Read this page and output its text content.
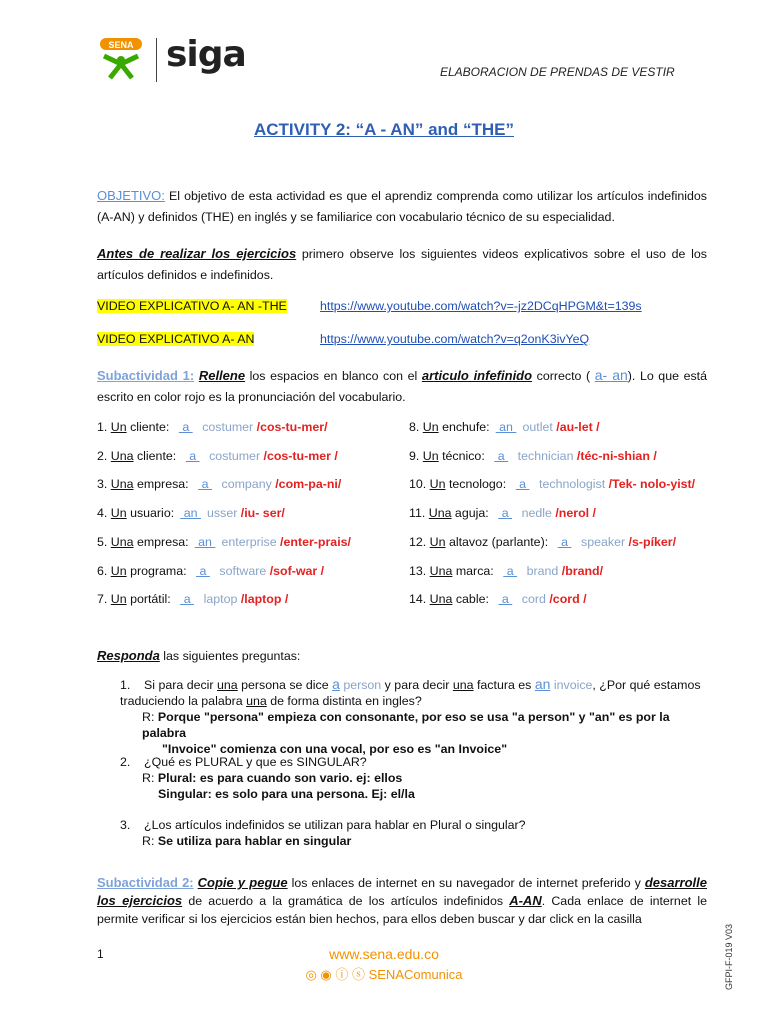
SENA siga	ELABORACION DE PRENDAS DE VESTIR
ACTIVITY 2: “A - AN” and “THE”
OBJETIVO: El objetivo de esta actividad es que el aprendiz comprenda como utilizar los artículos indefinidos (A-AN) y definidos (THE) en inglés y se familiarice con vocabulario técnico de su especialidad.
Antes de realizar los ejercicios primero observe los siguientes videos explicativos sobre el uso de los artículos definidos e indefinidos.
VIDEO EXPLICATIVO A- AN -THE	https://www.youtube.com/watch?v=-jz2DCqHPGM&t=139s
VIDEO EXPLICATIVO A- AN	https://www.youtube.com/watch?v=q2onK3ivYeQ
Subactividad 1: Rellene los espacios en blanco con el articulo infefinido correcto ( a- an). Lo que está escrito en color rojo es la pronunciación del vocabulario.
1. Un cliente:  a  costumer /cos-tu-mer/
2. Una cliente:  a  costumer /cos-tu-mer /
3. Una empresa:  a  company /com-pa-ni/
4. Un usuario:  an  usser /iu- ser/
5. Una empresa:  an  enterprise /enter-prais/
6. Un programa:  a  software /sof-war /
7. Un portátil:  a  laptop /laptop /
8. Un enchufe:  an  outlet /au-let /
9. Un técnico:  a  technician /téc-ni-shian /
10. Un tecnologo:  a  technologist /Tek- nolo-yist/
11. Una aguja:  a  nedle /nerol /
12. Un altavoz (parlante):  a  speaker /s-píker/
13. Una marca:  a  brand /brand/
14. Una cable:  a  cord /cord /
Responda las siguientes preguntas:
1. Si para decir una persona se dice a person y para decir una factura es an invoice, ¿Por qué estamos traduciendo la palabra una de forma distinta en ingles?
R: Porque "persona" empieza con consonante, por eso se usa "a person" y "an" es por la palabra
"Invoice" comienza con una vocal, por eso es "an Invoice"
2. ¿Qué es PLURAL y que es SINGULAR?
R: Plural: es para cuando son vario. ej: ellos
Singular: es solo para una persona. Ej: el/la
3. ¿Los artículos indefinidos se utilizan para hablar en Plural o singular?
R: Se utiliza para hablar en singular
Subactividad 2: Copie y pegue los enlaces de internet en su navegador de internet preferido y desarrolle los ejercicios de acuerdo a la gramática de los artículos indefinidos A-AN. Cada enlace de internet le permite verificar si los ejercicios están bien hechos, para ellos deben buscar y dar click en la casilla
1	www.sena.edu.co
◎ ◉ ⓘ ⓢ SENAComunica	GFPI-F-019 V03
